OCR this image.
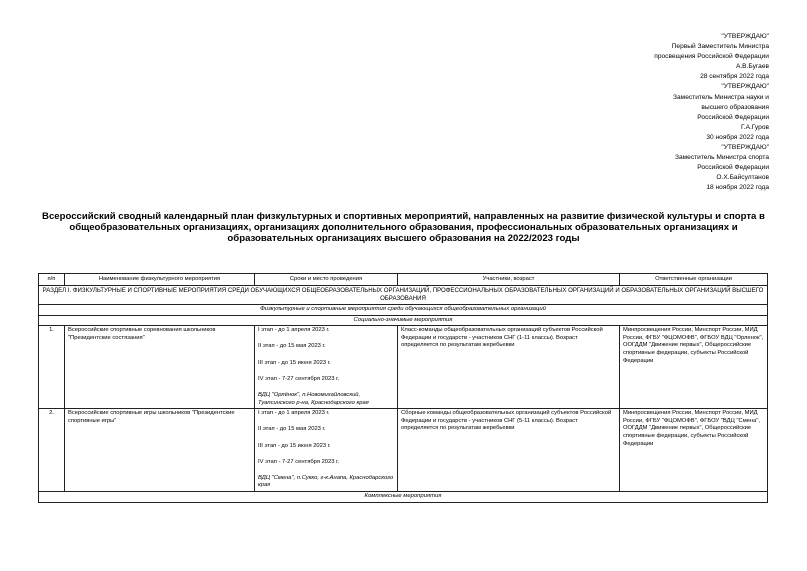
"УТВЕРЖДАЮ"
Первый Заместитель Министра
просвещения Российской Федерации
А.В.Бугаев
28 сентября 2022 года
"УТВЕРЖДАЮ"
Заместитель Министра науки и
высшего образования
Российской Федерации
Г.А.Гуров
30 ноября 2022 года
"УТВЕРЖДАЮ"
Заместитель Министра спорта
Российской Федерации
О.Х.Байсултанов
18 ноября 2022 года
Всероссийский сводный календарный план физкультурных и спортивных мероприятий, направленных на развитие физической культуры и спорта в общеобразовательных организациях, организациях дополнительного образования, профессиональных образовательных организациях и образовательных организациях высшего образования на 2022/2023 годы
п/п	Наименование физкультурного мероприятия	Сроки и место проведения	Участники, возраст	Ответственные организации
РАЗДЕЛ I. ФИЗКУЛЬТУРНЫЕ И СПОРТИВНЫЕ МЕРОПРИЯТИЯ СРЕДИ ОБУЧАЮЩИХСЯ ОБЩЕОБРАЗОВАТЕЛЬНЫХ ОРГАНИЗАЦИЙ, ПРОФЕССИОНАЛЬНЫХ ОБРАЗОВАТЕЛЬНЫХ ОРГАНИЗАЦИЙ И ОБРАЗОВАТЕЛЬНЫХ ОРГАНИЗАЦИЙ ВЫСШЕГО ОБРАЗОВАНИЯ				
Физкультурные и спортивные мероприятия среди обучающихся общеобразовательных организаций				
Социально-значимые мероприятия				
1.	Всероссийские спортивные соревнования школьников "Президентские состязания"	I этап - до 1 апреля 2023 г.
II этап - до 15 мая 2023 г.
III этап - до 15 июня 2023 г.
IV этап - 7-27 сентября 2023 г.
ВДЦ "Орлёнок", п.Новомихайловский, Туапсинского р-на, Краснодарского края	Класс-команды общеобразовательных организаций субъектов Российской Федерации и государств - участников СНГ (1-11 классы). Возраст определяется по результатам жеребьевки	Минпросвещения России, Минспорт России, МИД России, ФГБУ "ФЦОМОФВ", ФГБОУ ВДЦ "Орленок", ООГДДМ "Движение первых", Общероссийские спортивные федерации, субъекты Российской Федерации
2.	Всероссийские спортивные игры школьников "Президентские спортивные игры"	I этап - до 1 апреля 2023 г.
II этап - до 15 мая 2023 г.
III этап - до 15 июня 2023 г.
IV этап - 7-27 сентября 2023 г.
ВДЦ "Смена", п.Сукко, г-к.Анапа, Краснодарского края	Сборные команды общеобразовательных организаций субъектов Российской Федерации и государств - участников СНГ (5-11 классы). Возраст определяется по результатам жеребьевки	Минпросвещения России, Минспорт России, МИД России, ФГБУ "ФЦОМОФВ", ФГБОУ "ВДЦ "Смена", ООГДДМ "Движение первых", Общероссийские спортивные федерации, субъекты Российской Федерации
Комплексные мероприятия				
